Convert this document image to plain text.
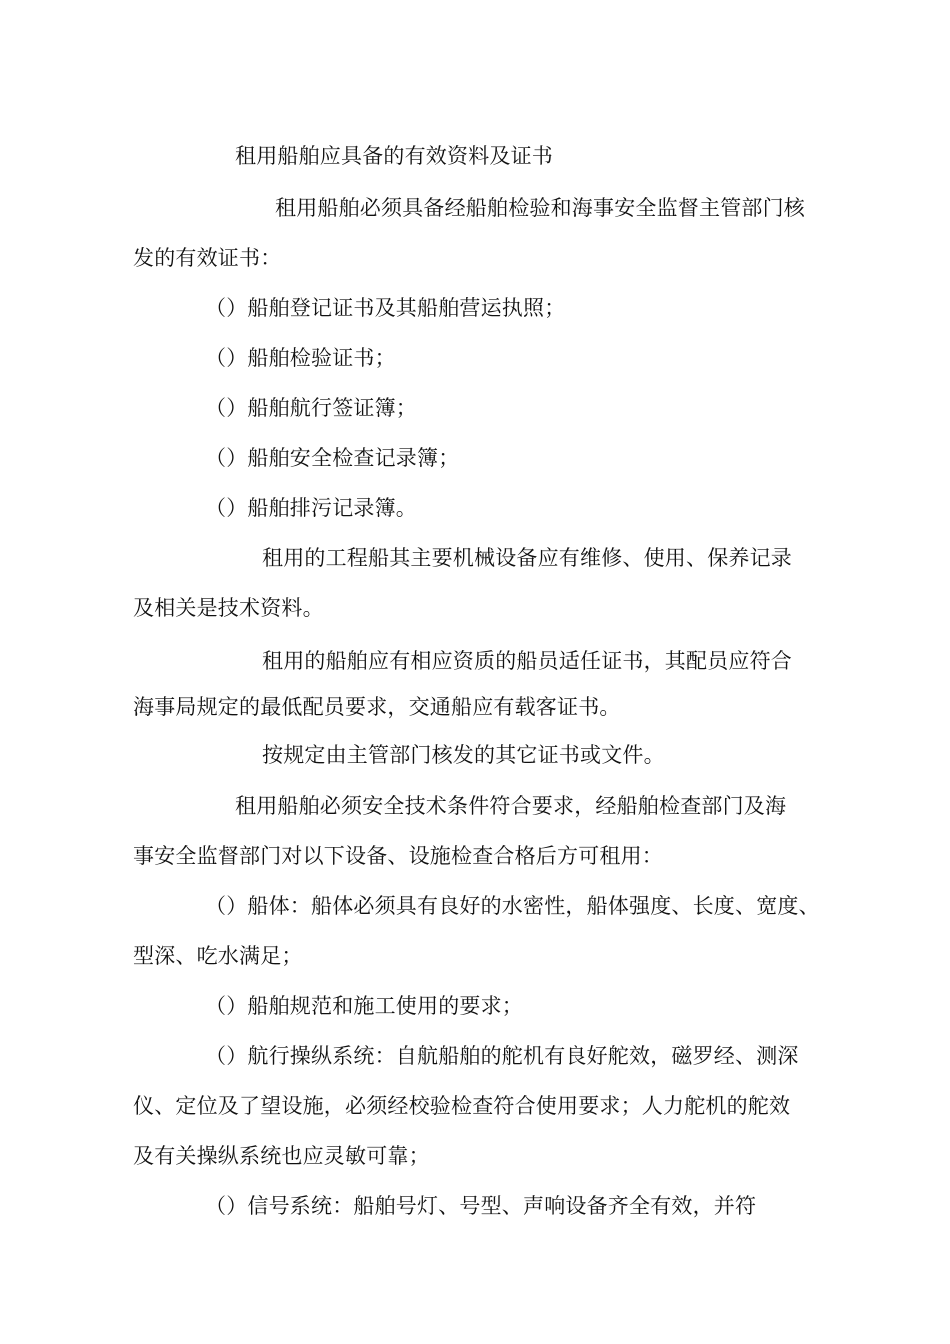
租用船舶应具备的有效资料及证书
租用船舶必须具备经船舶检验和海事安全监督主管部门核
发的有效证书：
（）船舶登记证书及其船舶营运执照；
（）船舶检验证书；
（）船舶航行签证簿；
（）船舶安全检查记录簿；
（）船舶排污记录簿。
租用的工程船其主要机械设备应有维修、使用、保养记录
及相关是技术资料。
租用的船舶应有相应资质的船员适任证书，其配员应符合
海事局规定的最低配员要求，交通船应有载客证书。
按规定由主管部门核发的其它证书或文件。
租用船舶必须安全技术条件符合要求，经船舶检查部门及海
事安全监督部门对以下设备、设施检查合格后方可租用：
（）船体：船体必须具有良好的水密性，船体强度、长度、宽度、
型深、吃水满足；
（）船舶规范和施工使用的要求；
（）航行操纵系统：自航船舶的舵机有良好舵效，磁罗经、测深
仪、定位及了望设施，必须经校验检查符合使用要求；人力舵机的舵效
及有关操纵系统也应灵敏可靠；
（）信号系统：船舶号灯、号型、声响设备齐全有效，并符
